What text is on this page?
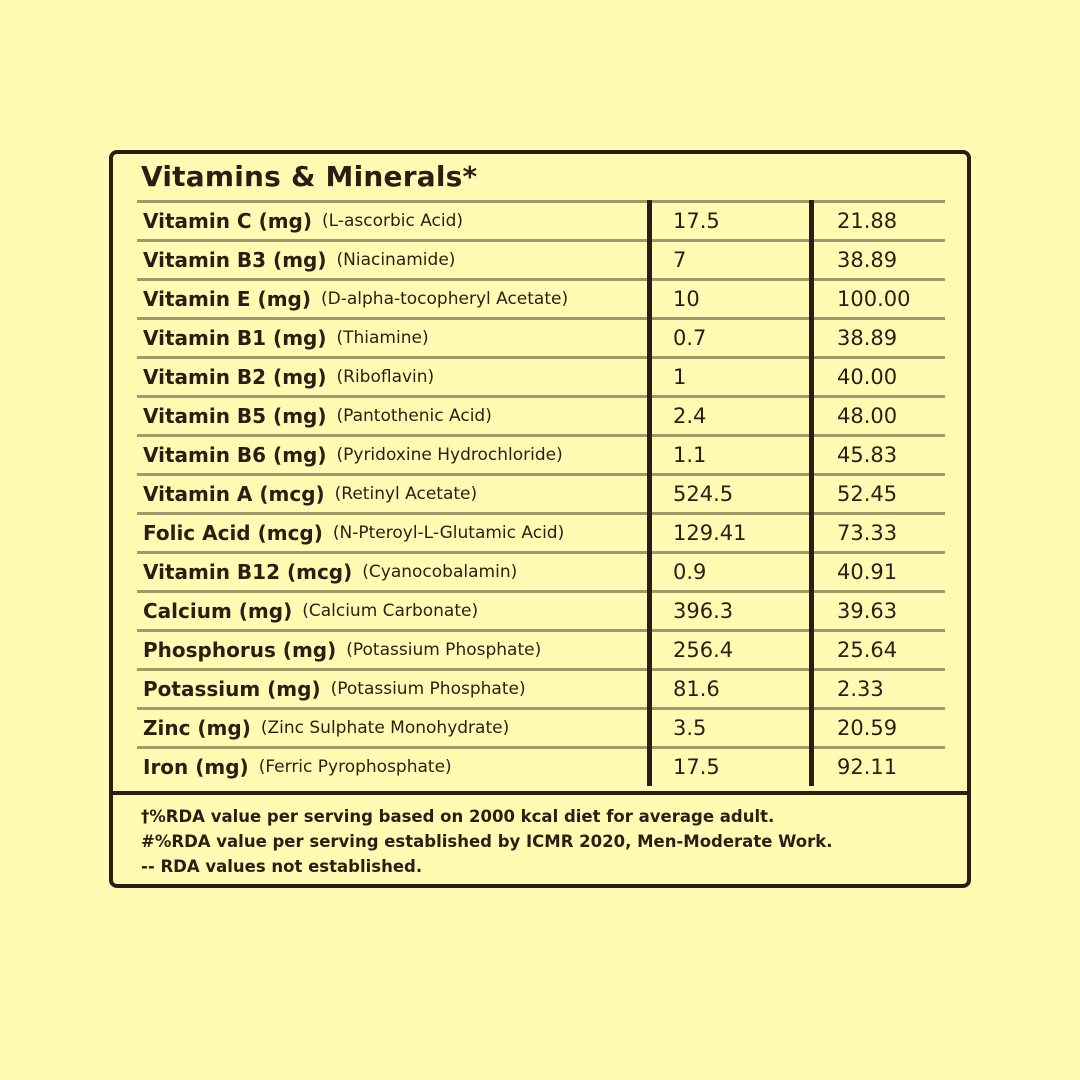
Vitamins & Minerals*
Vitamin C (mg) (L-ascorbic Acid)	17.5	21.88
Vitamin B3 (mg) (Niacinamide)	7	38.89
Vitamin E (mg) (D-alpha-tocopheryl Acetate)	10	100.00
Vitamin B1 (mg) (Thiamine)	0.7	38.89
Vitamin B2 (mg) (Riboflavin)	1	40.00
Vitamin B5 (mg) (Pantothenic Acid)	2.4	48.00
Vitamin B6 (mg) (Pyridoxine Hydrochloride)	1.1	45.83
Vitamin A (mcg) (Retinyl Acetate)	524.5	52.45
Folic Acid (mcg) (N-Pteroyl-L-Glutamic Acid)	129.41	73.33
Vitamin B12 (mcg) (Cyanocobalamin)	0.9	40.91
Calcium (mg) (Calcium Carbonate)	396.3	39.63
Phosphorus (mg) (Potassium Phosphate)	256.4	25.64
Potassium (mg) (Potassium Phosphate)	81.6	2.33
Zinc (mg) (Zinc Sulphate Monohydrate)	3.5	20.59
Iron (mg) (Ferric Pyrophosphate)	17.5	92.11
†%RDA value per serving based on 2000 kcal diet for average adult.
#%RDA value per serving established by ICMR 2020, Men-Moderate Work.
-- RDA values not established.
